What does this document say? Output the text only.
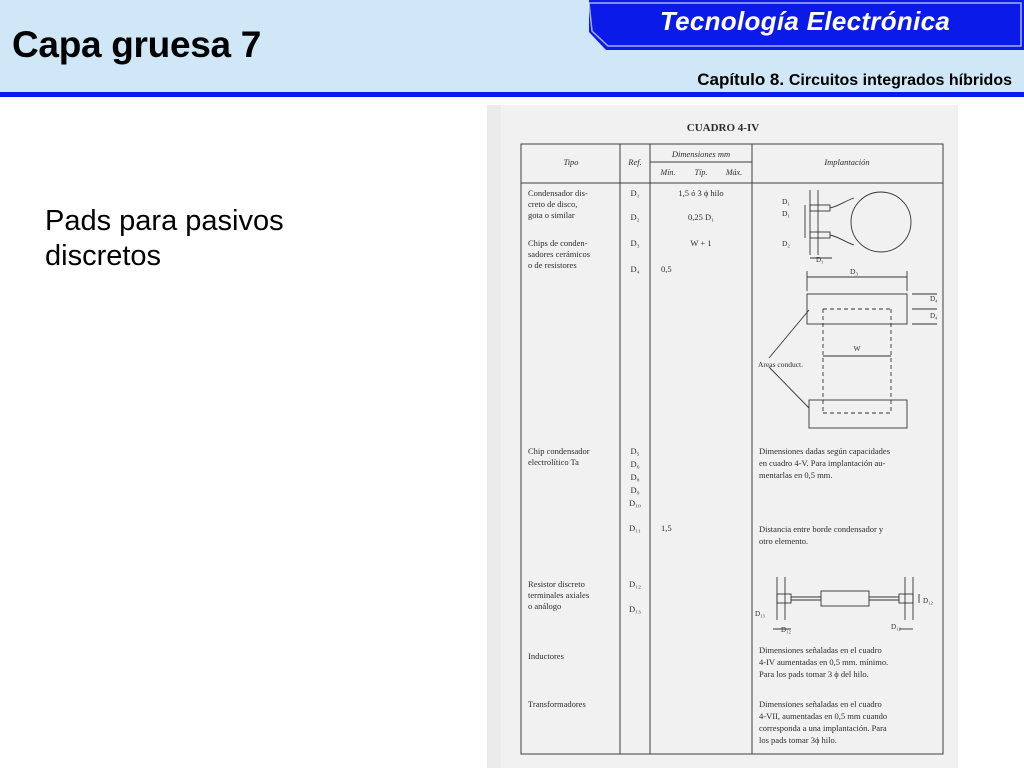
Capa gruesa 7
Tecnología Electrónica
Capítulo 8. Circuitos integrados híbridos
Pads para pasivos discretos
CUADRO 4-IV
Tipo	Ref.
Dimensiones mm
Mín. Típ. Máx.
Implantación
Condensador dis-
creto de disco,
gota o similar
Chips de conden-
sadores cerámicos
o de resistores
Chip condensador
electrolítico Ta
Resistor discreto
terminales axiales
o análogo
Inductores
Transformadores
D₁
D₂
D₃
D₄
D₅
D₆
D₈
D₉
D₁₀
D₁₁
D₁₂
D₁₃
1,5 ó 3 ϕ hilo
0,25 D₁
W + 1
0,5
1,5
D₁
D₁
D₂
D₁
D₃
D₄
D₄
W
Areas conduct.
Dimensiones dadas según capacidades
en cuadro 4-V. Para implantación au-
mentarlas en 0,5 mm.
Distancia entre borde condensador y
otro elemento.
Dimensiones señaladas en el cuadro
4-IV aumentadas en 0,5 mm. mínimo.
Para los pads tomar 3 ϕ del hilo.
Dimensiones señaladas en el cuadro
4-VII, aumentadas en 0,5 mm cuando
corresponda a una implantación. Para
los pads tomar 3ϕ hilo.
D₁₂
D₁₃
D₁₂	D₁₂
